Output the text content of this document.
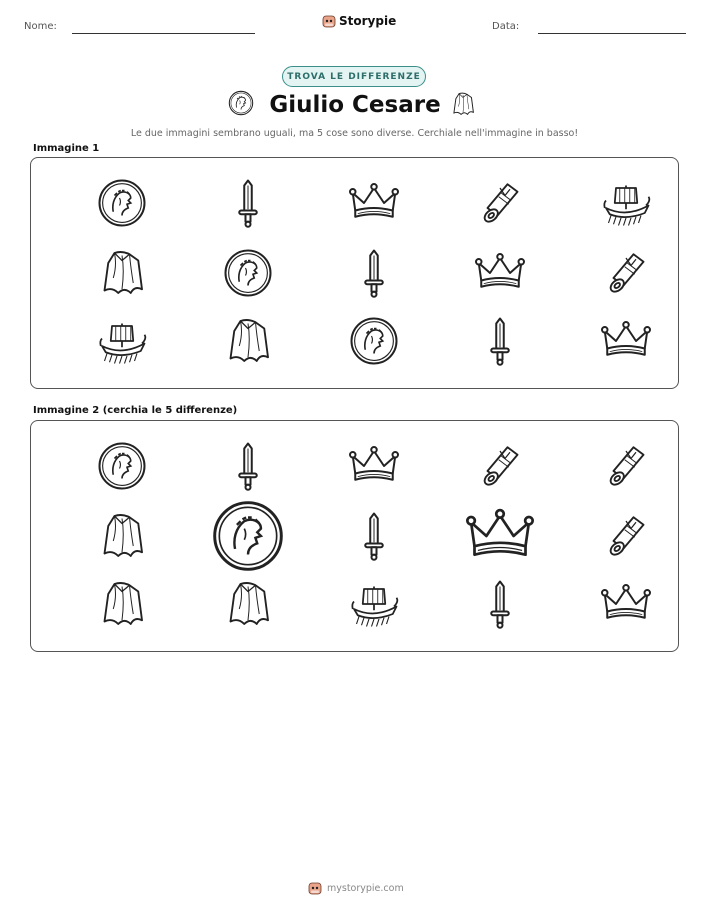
Nome:	Storypie	Data:
TROVA LE DIFFERENZE
Giulio Cesare
Le due immagini sembrano uguali, ma 5 cose sono diverse. Cerchiale nell'immagine in basso!
Immagine 1
Immagine 2 (cerchia le 5 differenze)
mystorypie.com
